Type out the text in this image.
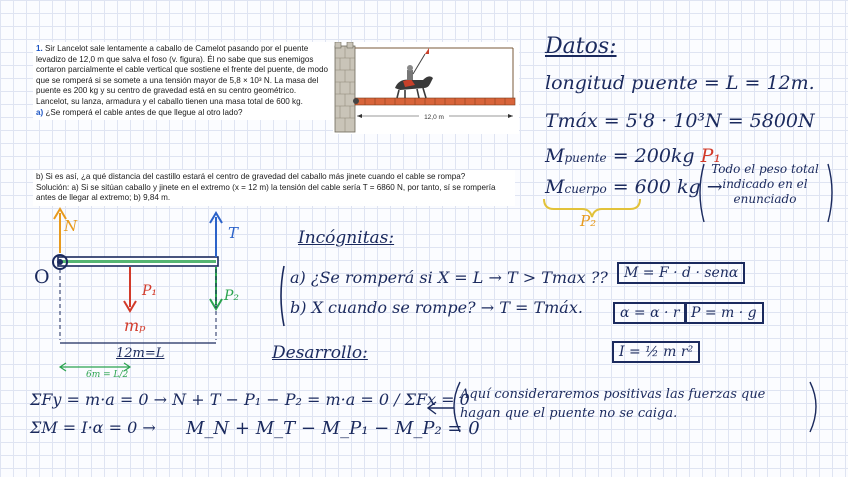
1. Sir Lancelot sale lentamente a caballo de Camelot pasando por el puente levadizo de 12,0 m que salva el foso (v. figura). Él no sabe que sus enemigos cortaron parcialmente el cable vertical que sostiene el frente del puente, de modo que se romperá si se somete a una tensión mayor de 5,8 × 10³ N. La masa del puente es 200 kg y su centro de gravedad está en su centro geométrico. Lancelot, su lanza, armadura y el caballo tienen una masa total de 600 kg.
a) ¿Se romperá el cable antes de que llegue al otro lado?
b) Si es así, ¿a qué distancia del castillo estará el centro de gravedad del caballo más jinete cuando el cable se rompa?
Solución: a) Si se sitúan caballo y jinete en el extremo (x = 12 m) la tensión del cable sería T = 6860 N, por tanto, sí se rompería antes de llegar al extremo; b) 9,84 m.
12,0 m
Datos:
longitud puente = L = 12m.
Tmáx = 5'8 · 10³N = 5800N
Mpuente = 200kg P₁
Mcuerpo = 600 kg →
P₂
Todo el peso total indicado en el enunciado
N	T
P₁	P₂
mₚ
O
12m=L
6m = L/2
Incógnitas:
a) ¿Se romperá si X = L → T > Tmax ??
b) X cuando se rompe? → T = Tmáx.
M = F · d · senα
α = α · r P = m · g
I = ½ m r²
Desarrollo:
ΣFy = m·a = 0 → N + T − P₁ − P₂ = m·a = 0 / ΣFx = 0
ΣM = I·α = 0 → M_N + M_T − M_P₁ − M_P₂ = 0
Aquí consideraremos positivas las fuerzas que hagan que el puente no se caiga.
